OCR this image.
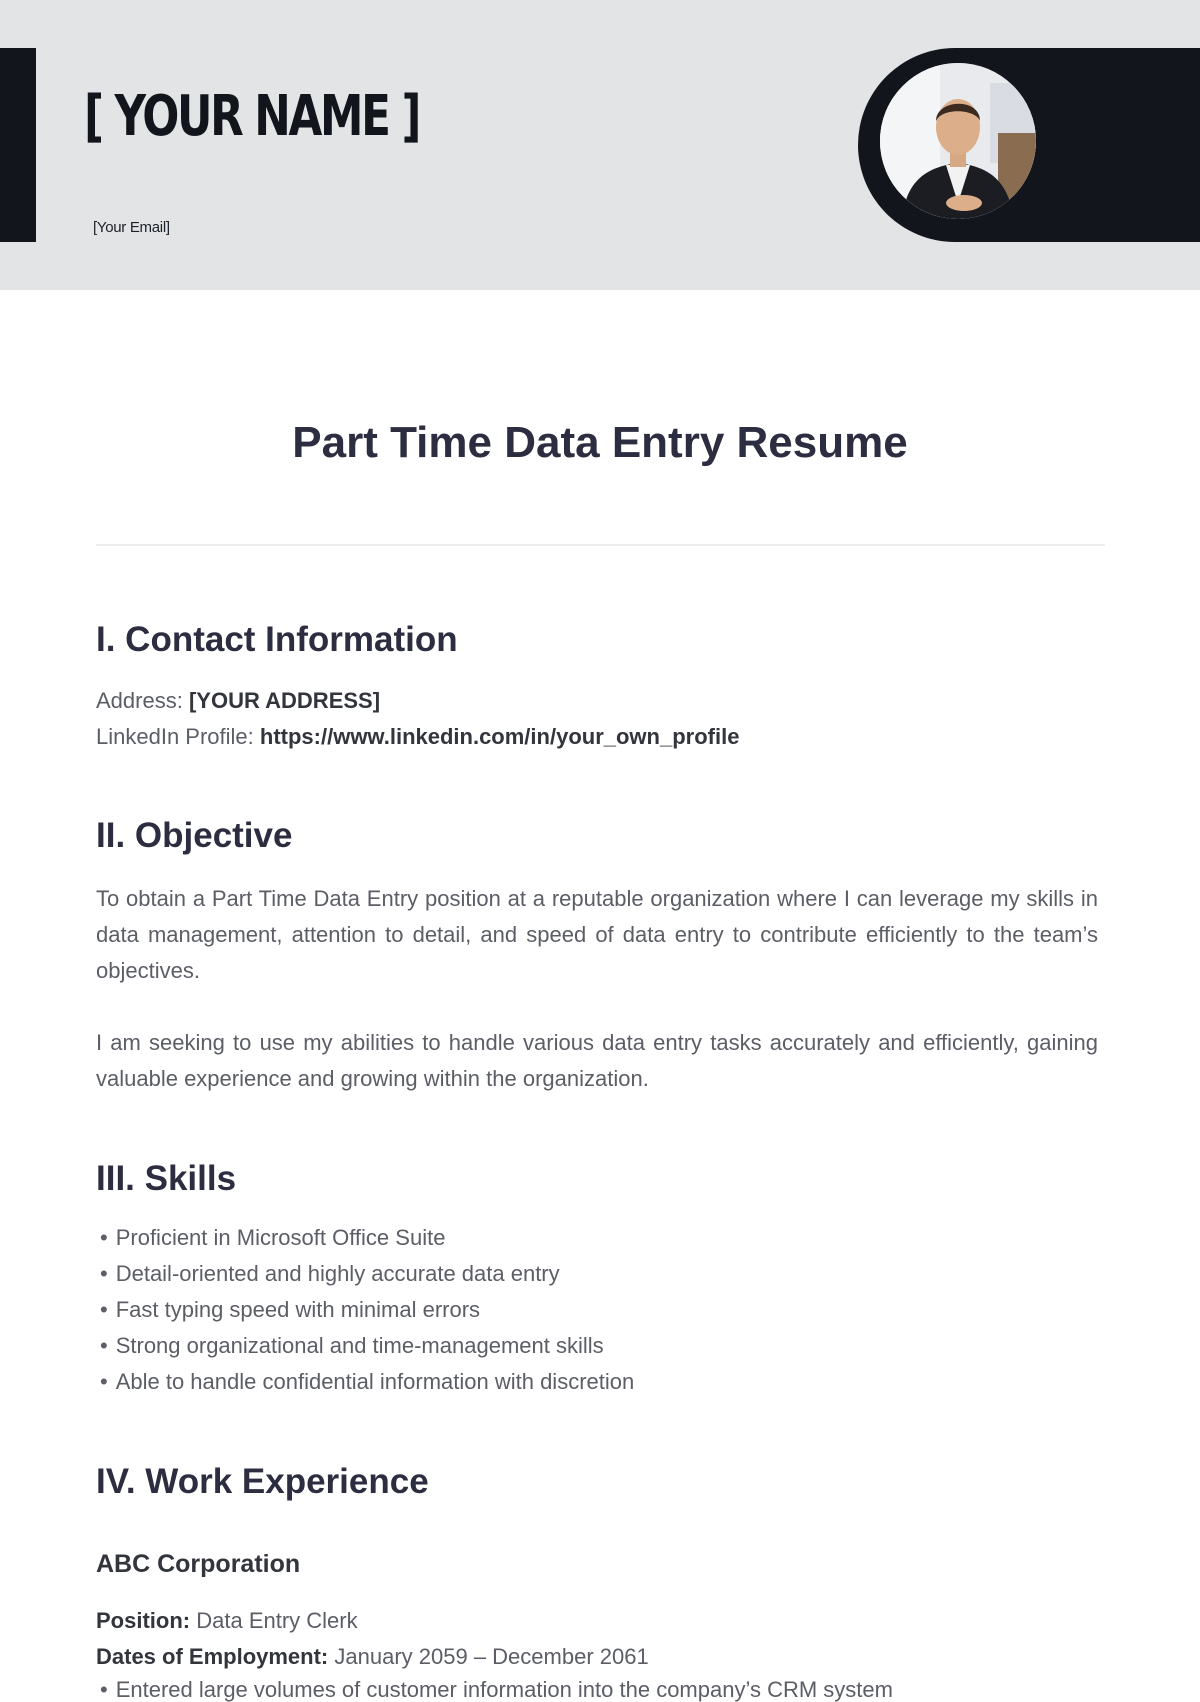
[ YOUR NAME ]
[Your Email]
Part Time Data Entry Resume
I. Contact Information
Address: [YOUR ADDRESS]
LinkedIn Profile: https://www.linkedin.com/in/your_own_profile
II. Objective
To obtain a Part Time Data Entry position at a reputable organization where I can leverage my skills in data management, attention to detail, and speed of data entry to contribute efficiently to the team’s objectives.
I am seeking to use my abilities to handle various data entry tasks accurately and efficiently, gaining valuable experience and growing within the organization.
III. Skills
• Proficient in Microsoft Office Suite
• Detail-oriented and highly accurate data entry
• Fast typing speed with minimal errors
• Strong organizational and time-management skills
• Able to handle confidential information with discretion
IV. Work Experience
ABC Corporation
Position: Data Entry Clerk
Dates of Employment: January 2059 – December 2061
• Entered large volumes of customer information into the company’s CRM system
